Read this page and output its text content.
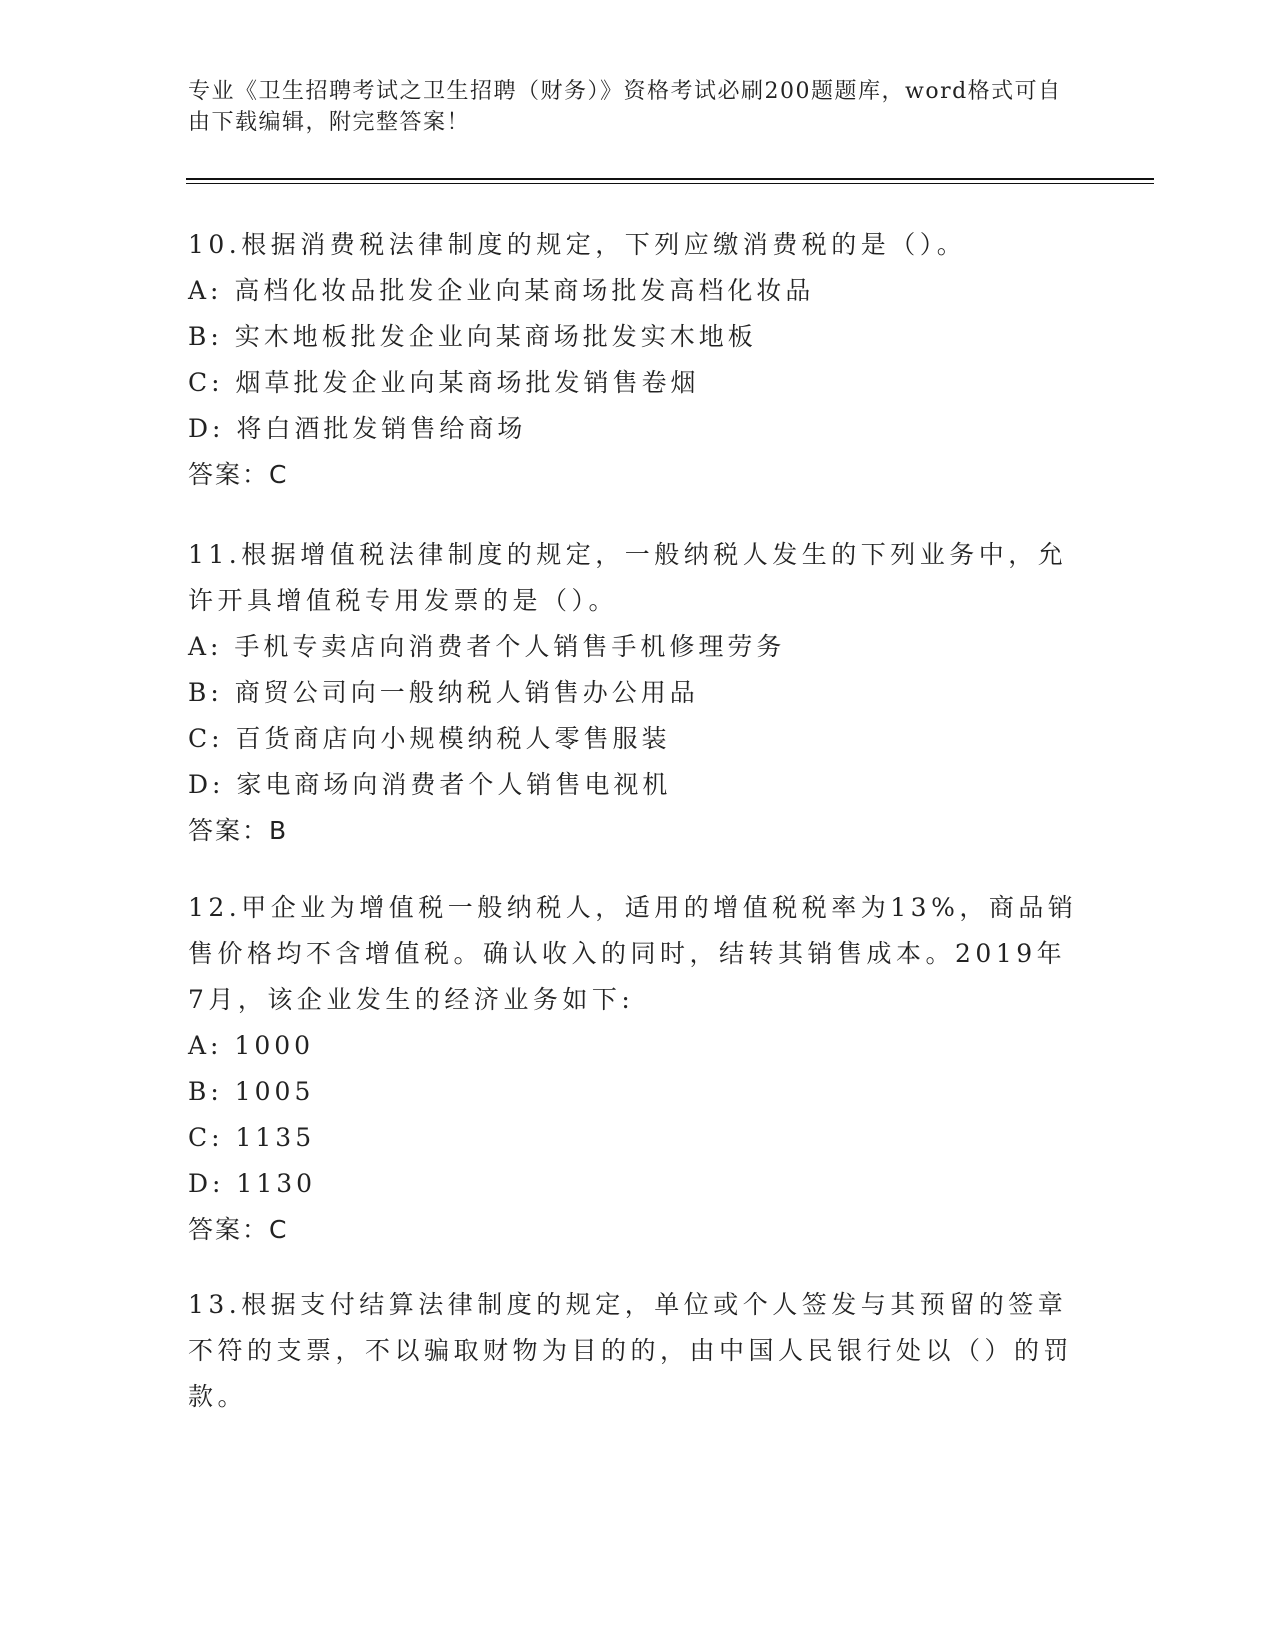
专业《卫生招聘考试之卫生招聘（财务）》资格考试必刷200题题库，word格式可自由下载编辑，附完整答案！
10.根据消费税法律制度的规定，下列应缴消费税的是（）。
A: 高档化妆品批发企业向某商场批发高档化妆品
B: 实木地板批发企业向某商场批发实木地板
C: 烟草批发企业向某商场批发销售卷烟
D: 将白酒批发销售给商场
答案：C
11.根据增值税法律制度的规定，一般纳税人发生的下列业务中，允许开具增值税专用发票的是（）。
A: 手机专卖店向消费者个人销售手机修理劳务
B: 商贸公司向一般纳税人销售办公用品
C: 百货商店向小规模纳税人零售服装
D: 家电商场向消费者个人销售电视机
答案：B
12.甲企业为增值税一般纳税人，适用的增值税税率为13%，商品销售价格均不含增值税。确认收入的同时，结转其销售成本。2019年7月，该企业发生的经济业务如下:
A: 1000
B: 1005
C: 1135
D: 1130
答案：C
13.根据支付结算法律制度的规定，单位或个人签发与其预留的签章不符的支票，不以骗取财物为目的的，由中国人民银行处以（）的罚款。
